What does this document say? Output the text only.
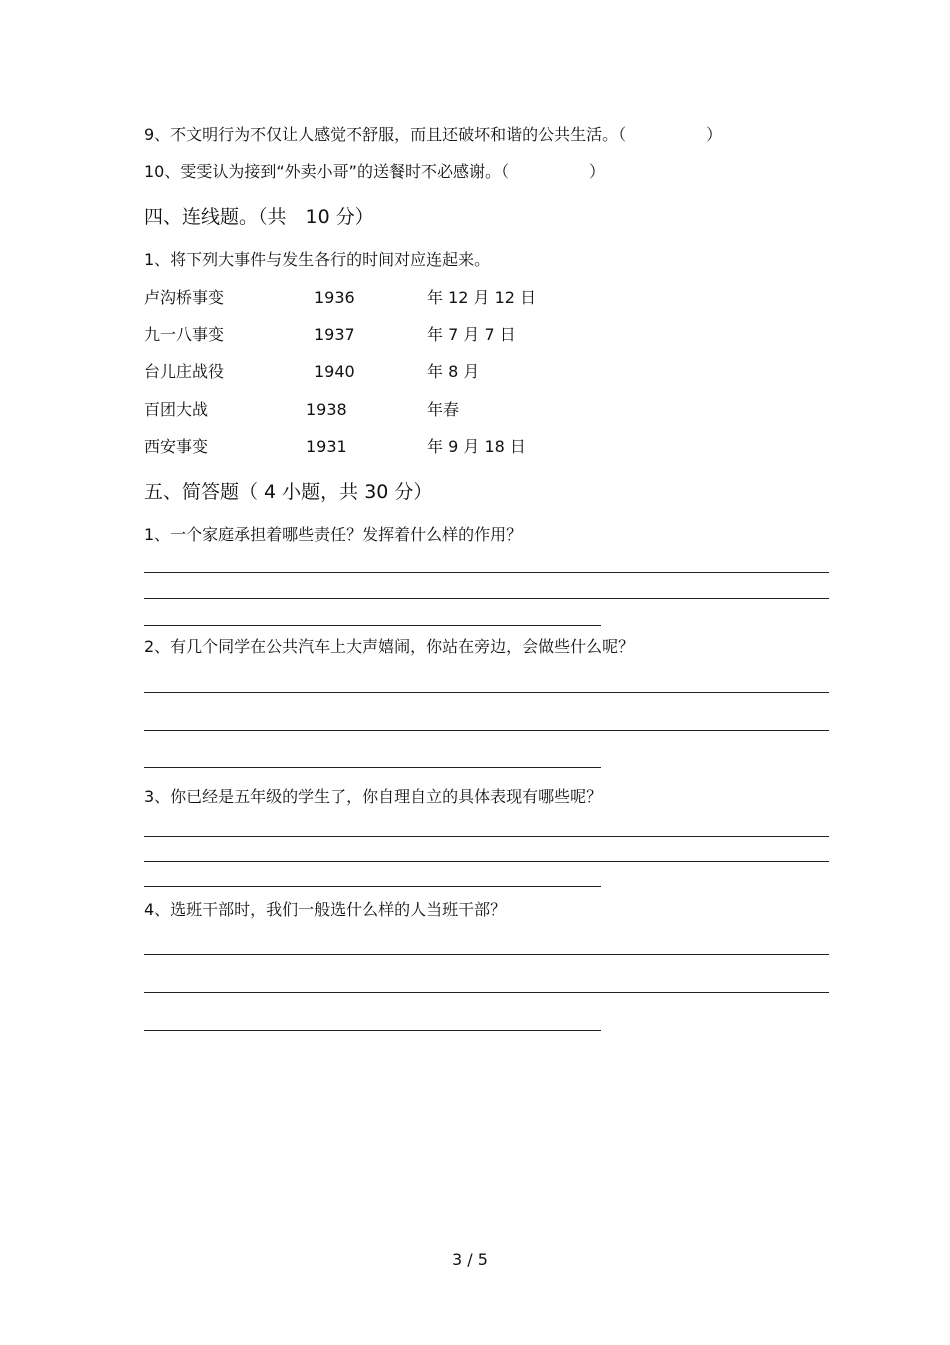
9、不文明行为不仅让人感觉不舒服，而且还破坏和谐的公共生活。（　　　　　）
10、雯雯认为接到“外卖小哥”的送餐时不必感谢。（　　　　　）
四、连线题。（共　10 分）
1、将下列大事件与发生各行的时间对应连起来。
卢沟桥事变	1936	年 12 月 12 日
九一八事变	1937	年 7 月 7 日
台儿庄战役	1940	年 8 月
百团大战	1938	年春
西安事变	1931	年 9 月 18 日
五、简答题（ 4 小题，共 30 分）
1、一个家庭承担着哪些责任？发挥着什么样的作用？
2、有几个同学在公共汽车上大声嬉闹，你站在旁边，会做些什么呢？
3、你已经是五年级的学生了，你自理自立的具体表现有哪些呢？
4、选班干部时，我们一般选什么样的人当班干部？
3 / 5
